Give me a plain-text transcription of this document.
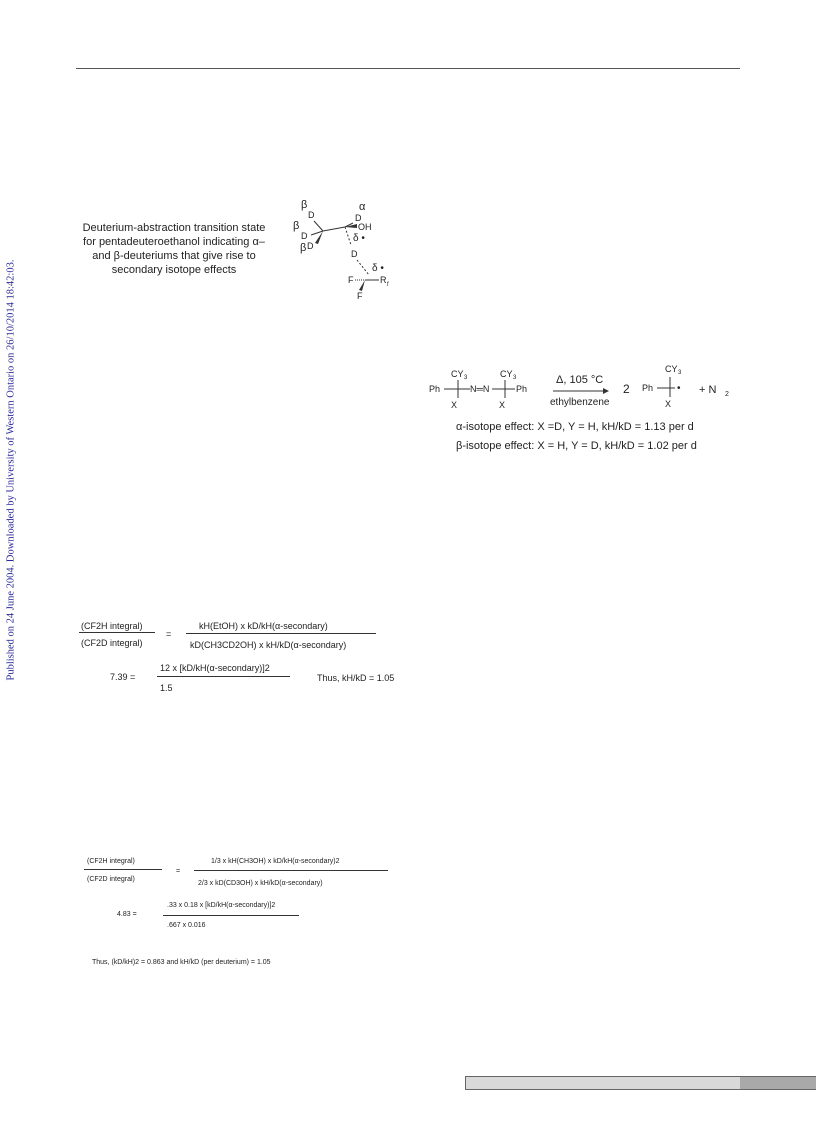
Published on 24 June 2004. Downloaded by University of Western Ontario on 26/10/2014 18:42:03.
Deuterium-abstraction transition state for pentadeuteroethanol indicating α– and β-deuteriums that give rise to secondary isotope effects
β
β
β
D
D
D
α
D
OH
δ •
D
δ •
R f
F
F
CY 3	CY 3
Ph	N═N	Ph
X	X
Δ, 105 °C
ethylbenzene
2 Ph •
CY 3
X
+ N 2
α-isotope effect: X =D, Y = H, kH/kD = 1.13 per d
β-isotope effect: X = H, Y = D, kH/kD = 1.02 per d
(CF2H integral)
(CF2D integral)
=
kH(EtOH) x kD/kH(α-secondary)
kD(CH3CD2OH) x kH/kD(α-secondary)
7.39 =
12 x [kD/kH(α-secondary)]2
1.5
Thus, kH/kD = 1.05
(CF2H integral)
(CF2D integral)
=
1/3 x kH(CH3OH) x kD/kH(α-secondary)2
2/3 x kD(CD3OH) x kH/kD(α-secondary)
4.83 =
.33 x 0.18 x [kD/kH(α-secondary)]2
.667 x 0.016
Thus, (kD/kH)2 = 0.863 and kH/kD (per deuterium) = 1.05
